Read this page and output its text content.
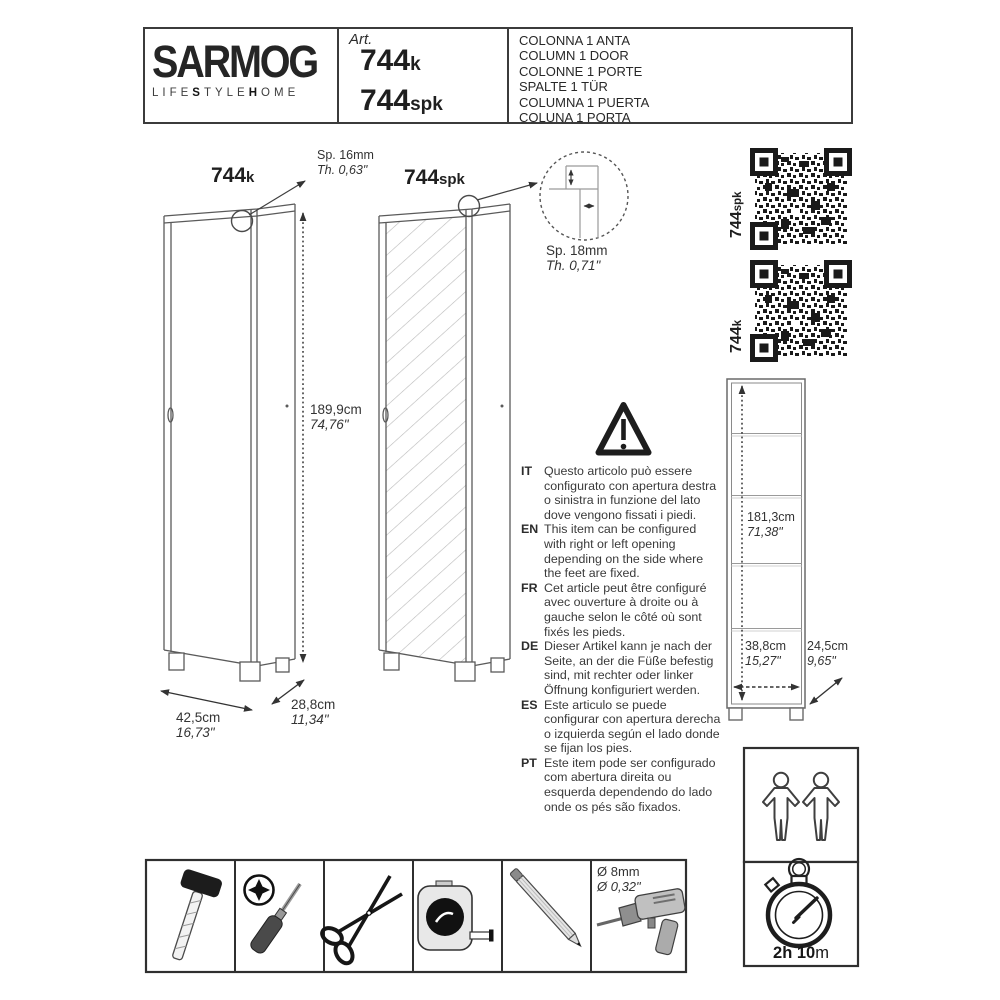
SARMOG
LIFESTYLEHOME
Art.
744k
744spk
COLONNA 1 ANTA
COLUMN 1 DOOR
COLONNE 1 PORTE
SPALTE 1 TÜR
COLUMNA 1 PUERTA
COLUNA 1 PORTA
744k	744spk
Sp. 16mm
Th. 0,63"
Sp. 18mm
Th. 0,71"
189,9cm
74,76"
42,5cm
16,73"
28,8cm
11,34"
181,3cm
71,38"
38,8cm
15,27"
24,5cm
9,65"
Ø 8mm
Ø 0,32"
744spk
744k
IT Questo articolo può essere configurato con apertura destra o sinistra in funzione del lato dove vengono fissati i piedi.
EN This item can be configured with right or left opening depending on the side where the feet are fixed.
FR Cet article peut être configuré avec ouverture à droite ou à gauche selon le côté où sont fixés les pieds.
DE Dieser Artikel kann je nach der Seite, an der die Füße befestig sind, mit rechter oder linker Öffnung konfiguriert werden.
ES Este articulo se puede configurar con apertura derecha o izquierda según el lado donde se fijan los pies.
PT Este item pode ser configurado com abertura direita ou esquerda dependendo do lado onde os pés são fixados.
2h 10m
